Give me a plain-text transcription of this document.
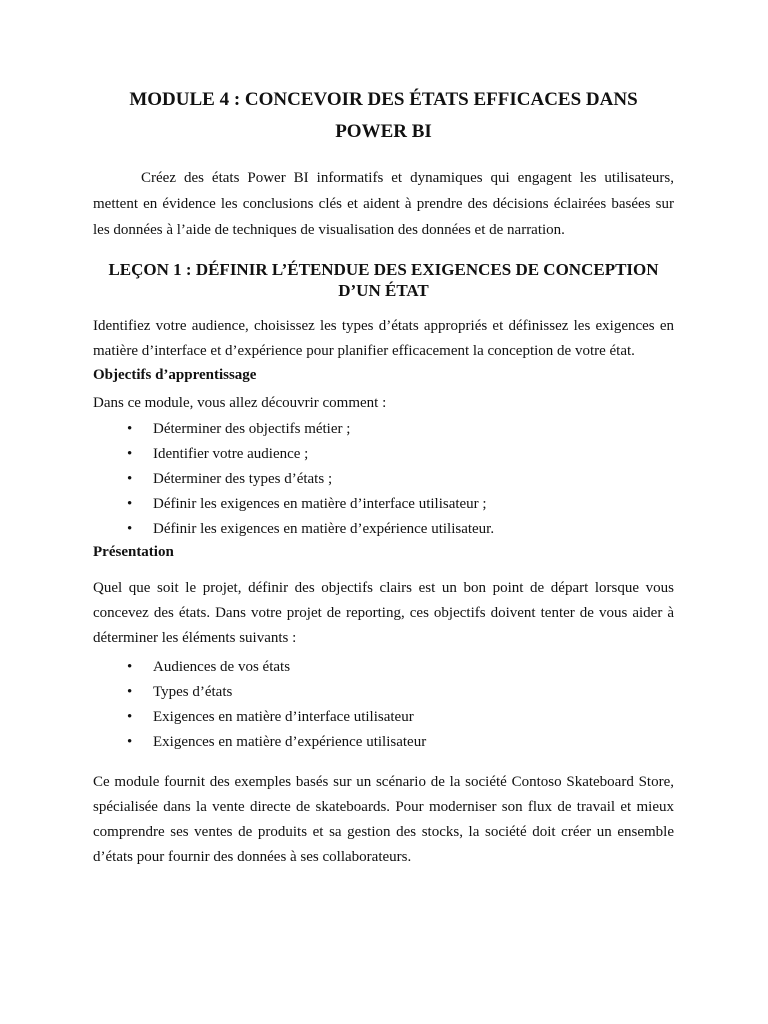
MODULE 4 : CONCEVOIR DES ÉTATS EFFICACES DANS POWER BI

Créez des états Power BI informatifs et dynamiques qui engagent les utilisateurs, mettent en évidence les conclusions clés et aident à prendre des décisions éclairées basées sur les données à l’aide de techniques de visualisation des données et de narration.

LEÇON 1 : DÉFINIR L’ÉTENDUE DES EXIGENCES DE CONCEPTION D’UN ÉTAT

Identifiez votre audience, choisissez les types d’états appropriés et définissez les exigences en matière d’interface et d’expérience pour planifier efficacement la conception de votre état.

Objectifs d’apprentissage

Dans ce module, vous allez découvrir comment :

• Déterminer des objectifs métier ;
• Identifier votre audience ;
• Déterminer des types d’états ;
• Définir les exigences en matière d’interface utilisateur ;
• Définir les exigences en matière d’expérience utilisateur.

Présentation

Quel que soit le projet, définir des objectifs clairs est un bon point de départ lorsque vous concevez des états. Dans votre projet de reporting, ces objectifs doivent tenter de vous aider à déterminer les éléments suivants :

• Audiences de vos états
• Types d’états
• Exigences en matière d’interface utilisateur
• Exigences en matière d’expérience utilisateur

Ce module fournit des exemples basés sur un scénario de la société Contoso Skateboard Store, spécialisée dans la vente directe de skateboards. Pour moderniser son flux de travail et mieux comprendre ses ventes de produits et sa gestion des stocks, la société doit créer un ensemble d’états pour fournir des données à ses collaborateurs.
